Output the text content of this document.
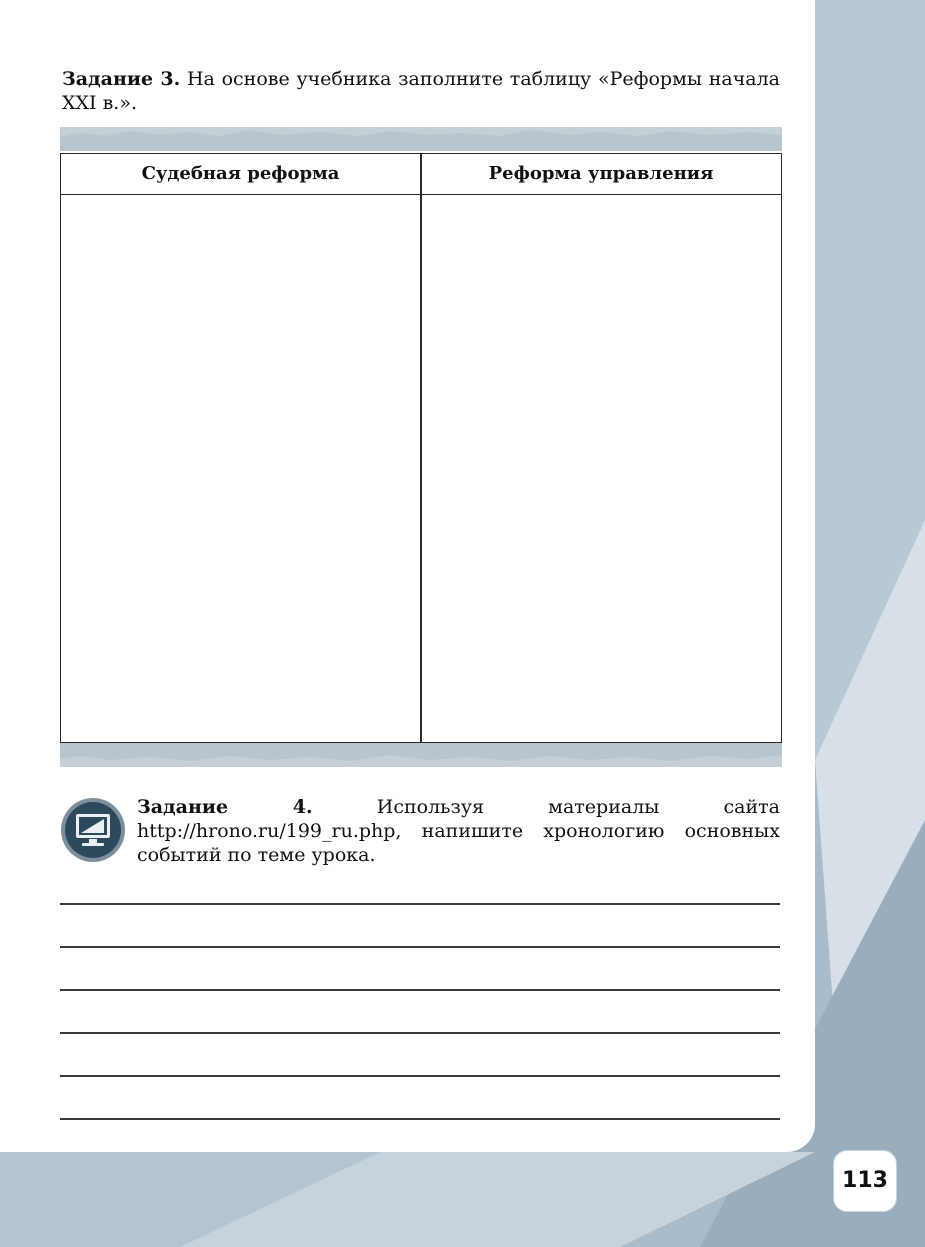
Задание 3. На основе учебника заполните таблицу «Реформы начала XXI в.».

Судебная реформа	Реформа управления

Задание 4. Используя материалы сайта http://hrono.ru/199_ru.php, напишите хронологию основных событий по теме урока.

113
